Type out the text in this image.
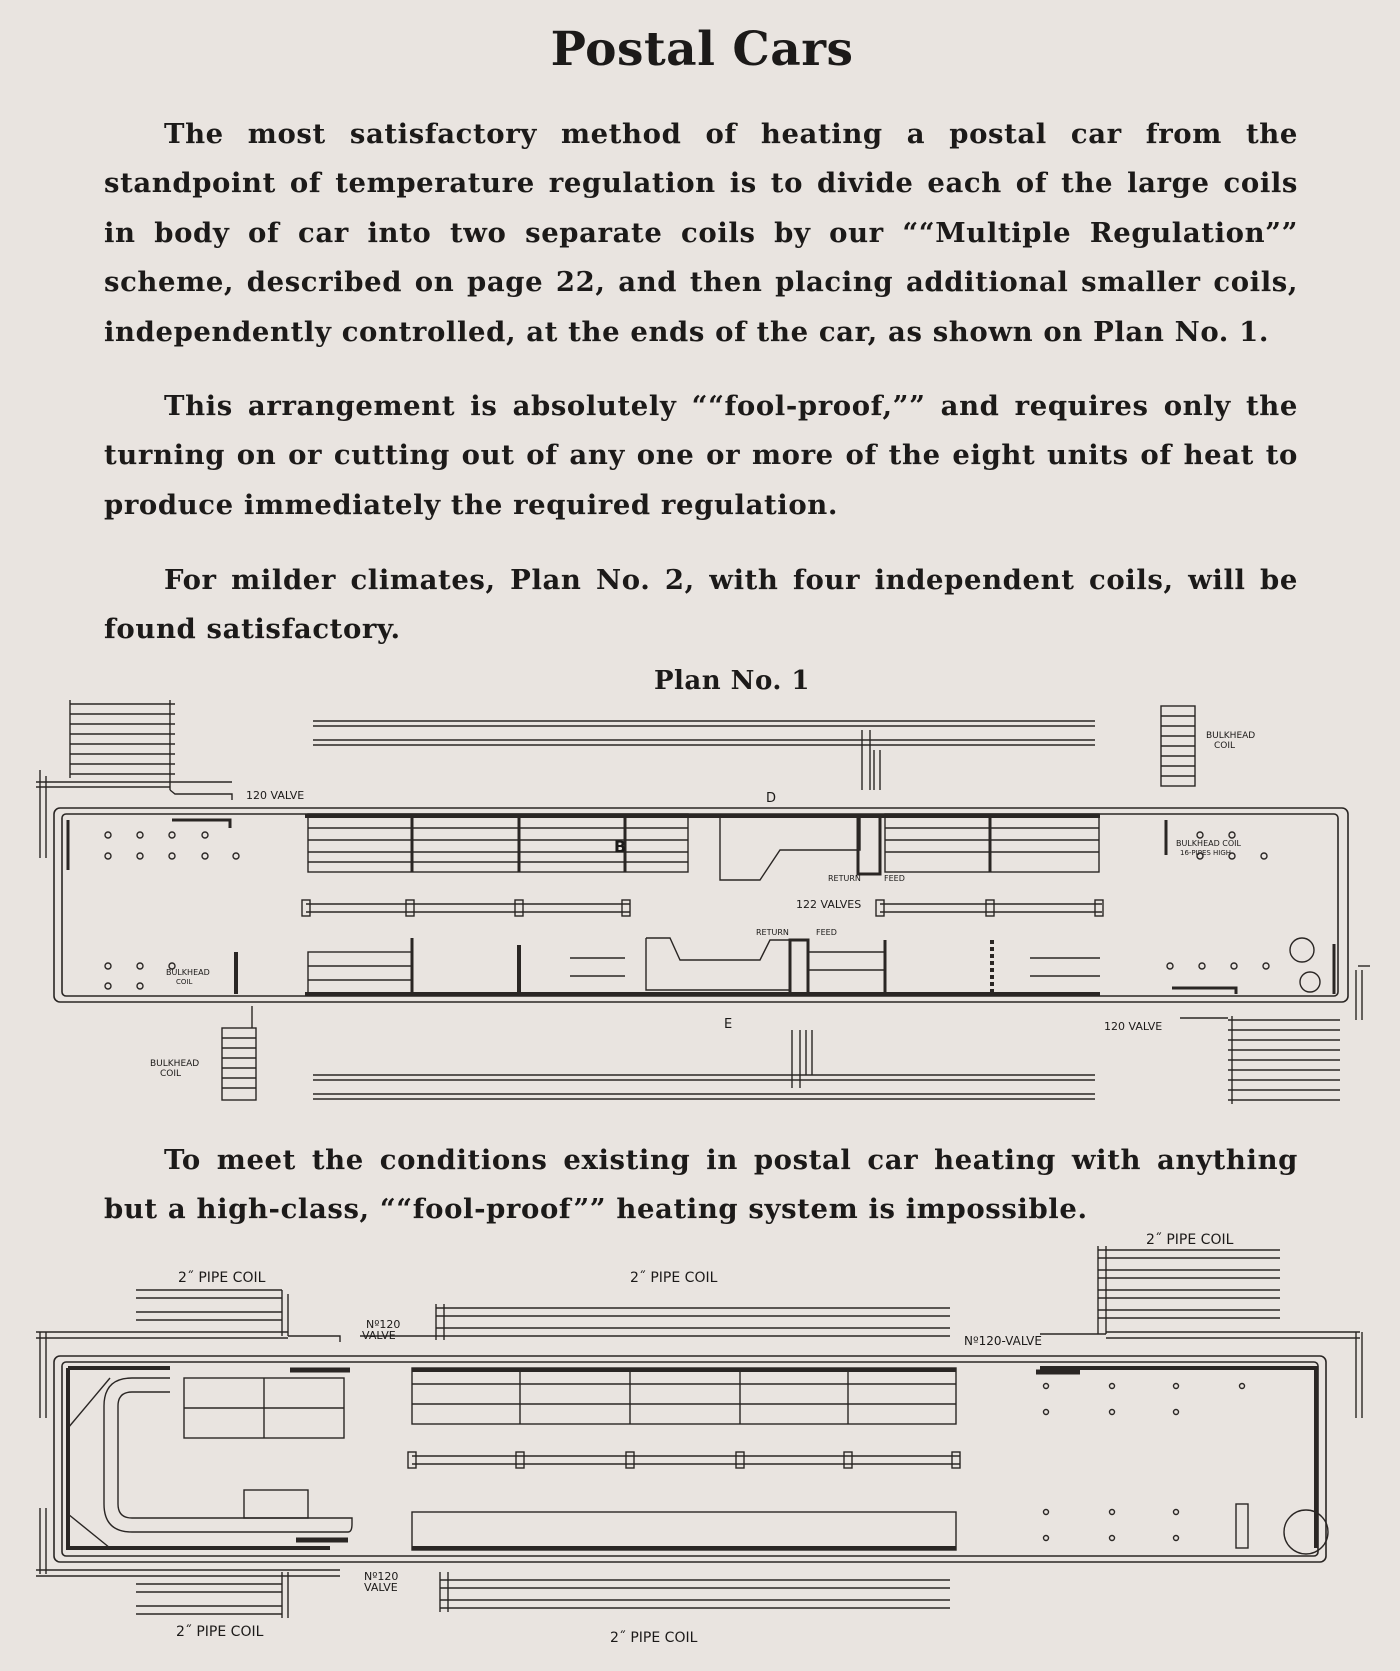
Postal Cars

The most satisfactory method of heating a postal car from the standpoint of temperature regulation is to divide each of the large coils in body of car into two separate coils by our ““Multiple Regulation”” scheme, described on page 22, and then placing additional smaller coils, independently controlled, at the ends of the car, as shown on Plan No. 1.

This arrangement is absolutely ““fool-proof,”” and requires only the turning on or cutting out of any one or more of the eight units of heat to produce immediately the required regulation.

For milder climates, Plan No. 2, with four independent coils, will be found satisfactory.

Plan No. 1

120 VALVE
120 VALVE
122 VALVES
BULKHEAD
COIL
BULKHEAD COIL
16-PIPES HIGH
BULKHEAD
COIL
BULKHEAD
COIL
RETURN	FEED
RETURN	FEED
D
E
B

To meet the conditions existing in postal car heating with anything but a high-class, ““fool-proof”” heating system is impossible.

2˝ PIPE COIL	2˝ PIPE COIL
2˝ PIPE COIL
Nº120
VALVE	Nº120-VALVE
Nº120
VALVE
2˝ PIPE COIL	2˝ PIPE COIL
